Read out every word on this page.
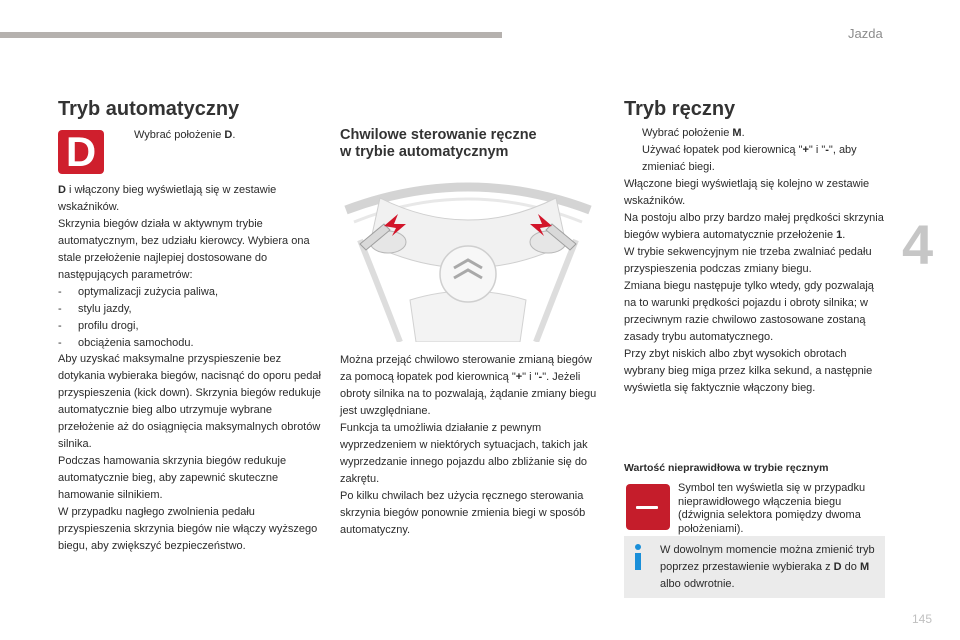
Jazda
4
145
Tryb automatyczny
D	Wybrać położenie D.
D i włączony bieg wyświetlają się w zestawie wskaźników.
Skrzynia biegów działa w aktywnym trybie automatycznym, bez udziału kierowcy. Wybiera ona stale przełożenie najlepiej dostosowane do następujących parametrów:
- optymalizacji zużycia paliwa,
- stylu jazdy,
- profilu drogi,
- obciążenia samochodu.
Aby uzyskać maksymalne przyspieszenie bez dotykania wybieraka biegów, nacisnąć do oporu pedał przyspieszenia (kick down). Skrzynia biegów redukuje automatycznie bieg albo utrzymuje wybrane przełożenie aż do osiągnięcia maksymalnych obrotów silnika.
Podczas hamowania skrzynia biegów redukuje automatycznie bieg, aby zapewnić skuteczne hamowanie silnikiem.
W przypadku nagłego zwolnienia pedału przyspieszenia skrzynia biegów nie włączy wyższego biegu, aby zwiększyć bezpieczeństwo.
Chwilowe sterowanie ręczne
w trybie automatycznym
Można przejąć chwilowo sterowanie zmianą biegów za pomocą łopatek pod kierownicą "+" i "-". Jeżeli obroty silnika na to pozwalają, żądanie zmiany biegu jest uwzględniane.
Funkcja ta umożliwia działanie z pewnym wyprzedzeniem w niektórych sytuacjach, takich jak wyprzedzanie innego pojazdu albo zbliżanie się do zakrętu.
Po kilku chwilach bez użycia ręcznego sterowania skrzynia biegów ponownie zmienia biegi w sposób automatyczny.
Tryb ręczny
Wybrać położenie M.
Używać łopatek pod kierownicą "+" i "-", aby zmieniać biegi.
Włączone biegi wyświetlają się kolejno w zestawie wskaźników.
Na postoju albo przy bardzo małej prędkości skrzynia biegów wybiera automatycznie przełożenie 1.
W trybie sekwencyjnym nie trzeba zwalniać pedału przyspieszenia podczas zmiany biegu.
Zmiana biegu następuje tylko wtedy, gdy pozwalają na to warunki prędkości pojazdu i obroty silnika; w przeciwnym razie chwilowo zastosowane zostaną zasady trybu automatycznego.
Przy zbyt niskich albo zbyt wysokich obrotach wybrany bieg miga przez kilka sekund, a następnie wyświetla się faktycznie włączony bieg.
Wartość nieprawidłowa w trybie ręcznym
Symbol ten wyświetla się w przypadku nieprawidłowego włączenia biegu (dźwignia selektora pomiędzy dwoma położeniami).
W dowolnym momencie można zmienić tryb poprzez przestawienie wybieraka z D do M albo odwrotnie.
